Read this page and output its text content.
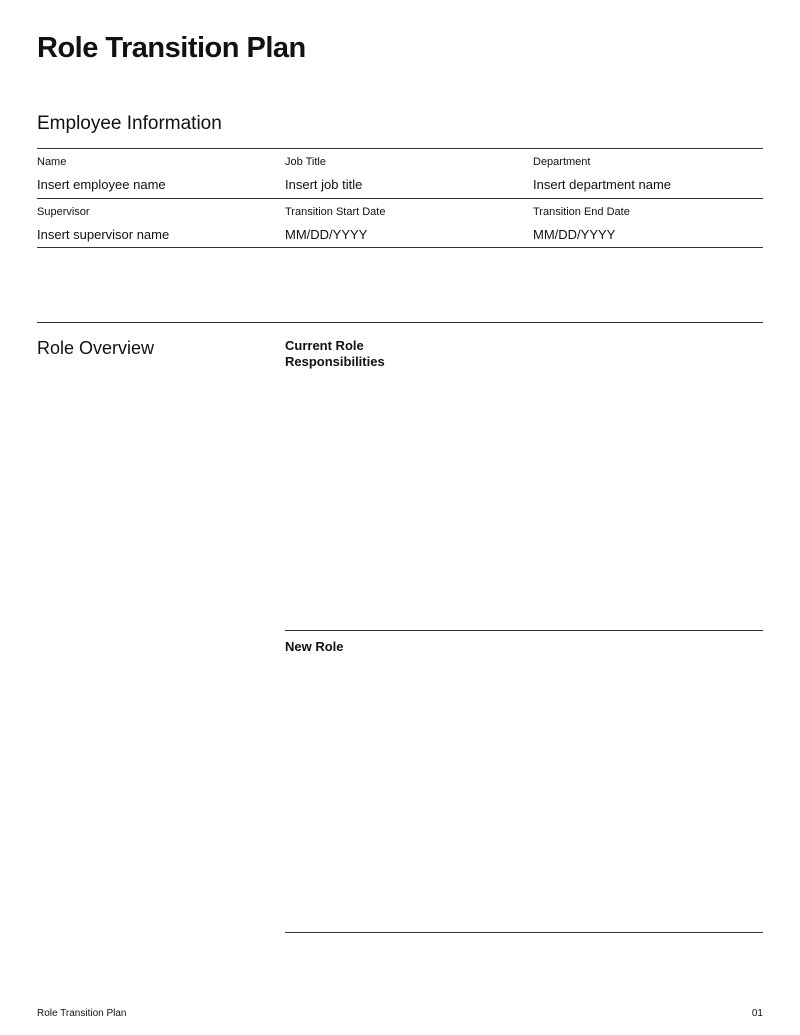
Role Transition Plan
Employee Information
Name
Insert employee name
Job Title
Insert job title
Department
Insert department name
Supervisor
Insert supervisor name
Transition Start Date
MM/DD/YYYY
Transition End Date
MM/DD/YYYY
Role Overview	Current Role Responsibilities
New Role
Role Transition Plan	01
